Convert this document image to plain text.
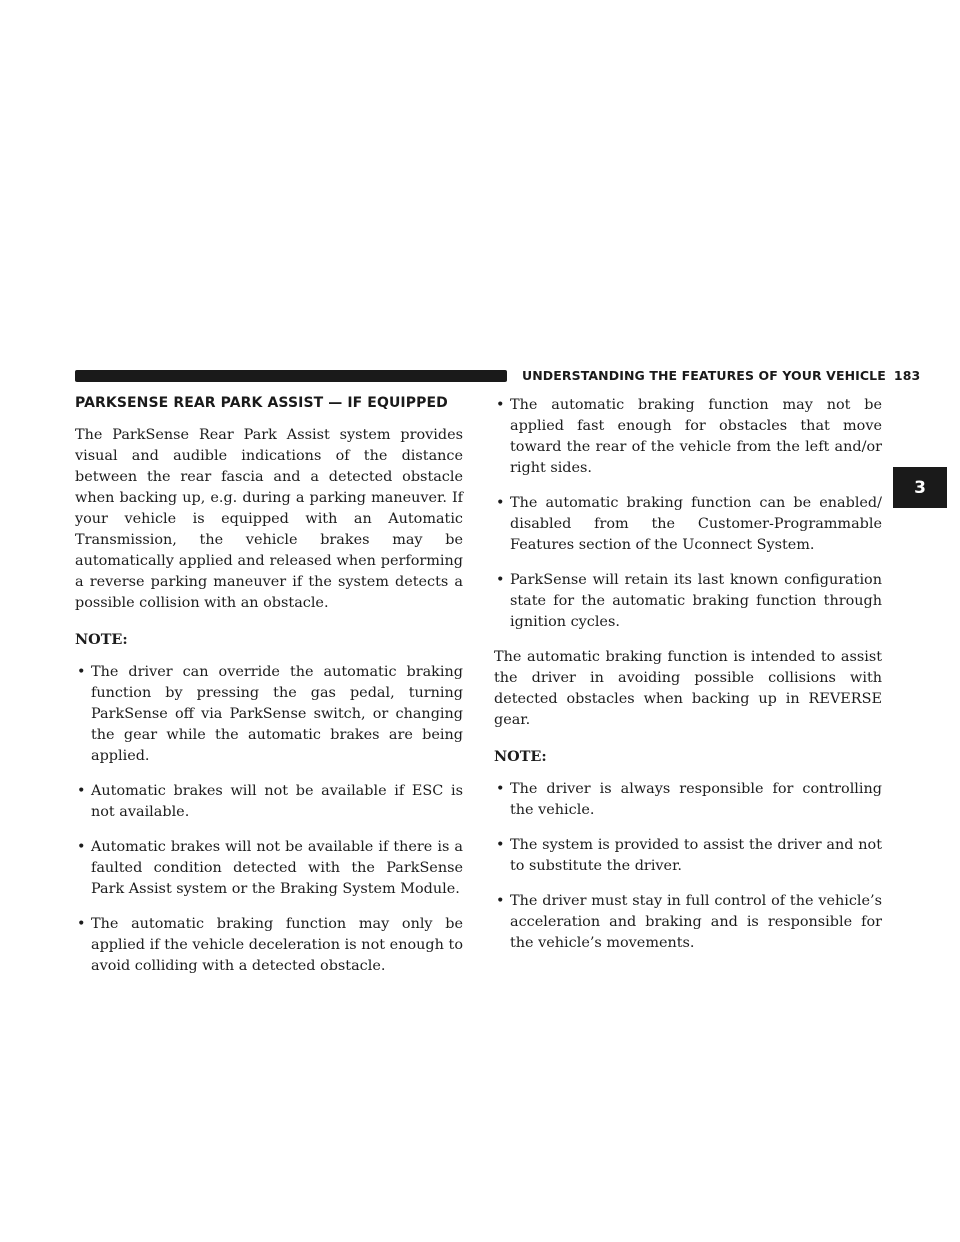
UNDERSTANDING THE FEATURES OF YOUR VEHICLE 183
3
PARKSENSE REAR PARK ASSIST — IF EQUIPPED

The ParkSense Rear Park Assist system provides visual and audible indications of the distance between the rear fascia and a detected obstacle when backing up, e.g. during a parking maneuver. If your vehicle is equipped with an Automatic Transmission, the vehicle brakes may be automatically applied and released when performing a reverse parking maneuver if the system detects a possible collision with an obstacle.

NOTE:

• The driver can override the automatic braking function by pressing the gas pedal, turning ParkSense off via ParkSense switch, or changing the gear while the automatic brakes are being applied.
• Automatic brakes will not be available if ESC is not available.
• Automatic brakes will not be available if there is a faulted condition detected with the ParkSense Park Assist system or the Braking System Module.
• The automatic braking function may only be applied if the vehicle deceleration is not enough to avoid colliding with a detected obstacle.
• The automatic braking function may not be applied fast enough for obstacles that move toward the rear of the vehicle from the left and/or right sides.
• The automatic braking function can be enabled/ disabled from the Customer-Programmable Features section of the Uconnect System.
• ParkSense will retain its last known configuration state for the automatic braking function through ignition cycles.

The automatic braking function is intended to assist the driver in avoiding possible collisions with detected obstacles when backing up in REVERSE gear.

NOTE:

• The driver is always responsible for controlling the vehicle.
• The system is provided to assist the driver and not to substitute the driver.
• The driver must stay in full control of the vehicle’s acceleration and braking and is responsible for the vehicle’s movements.
